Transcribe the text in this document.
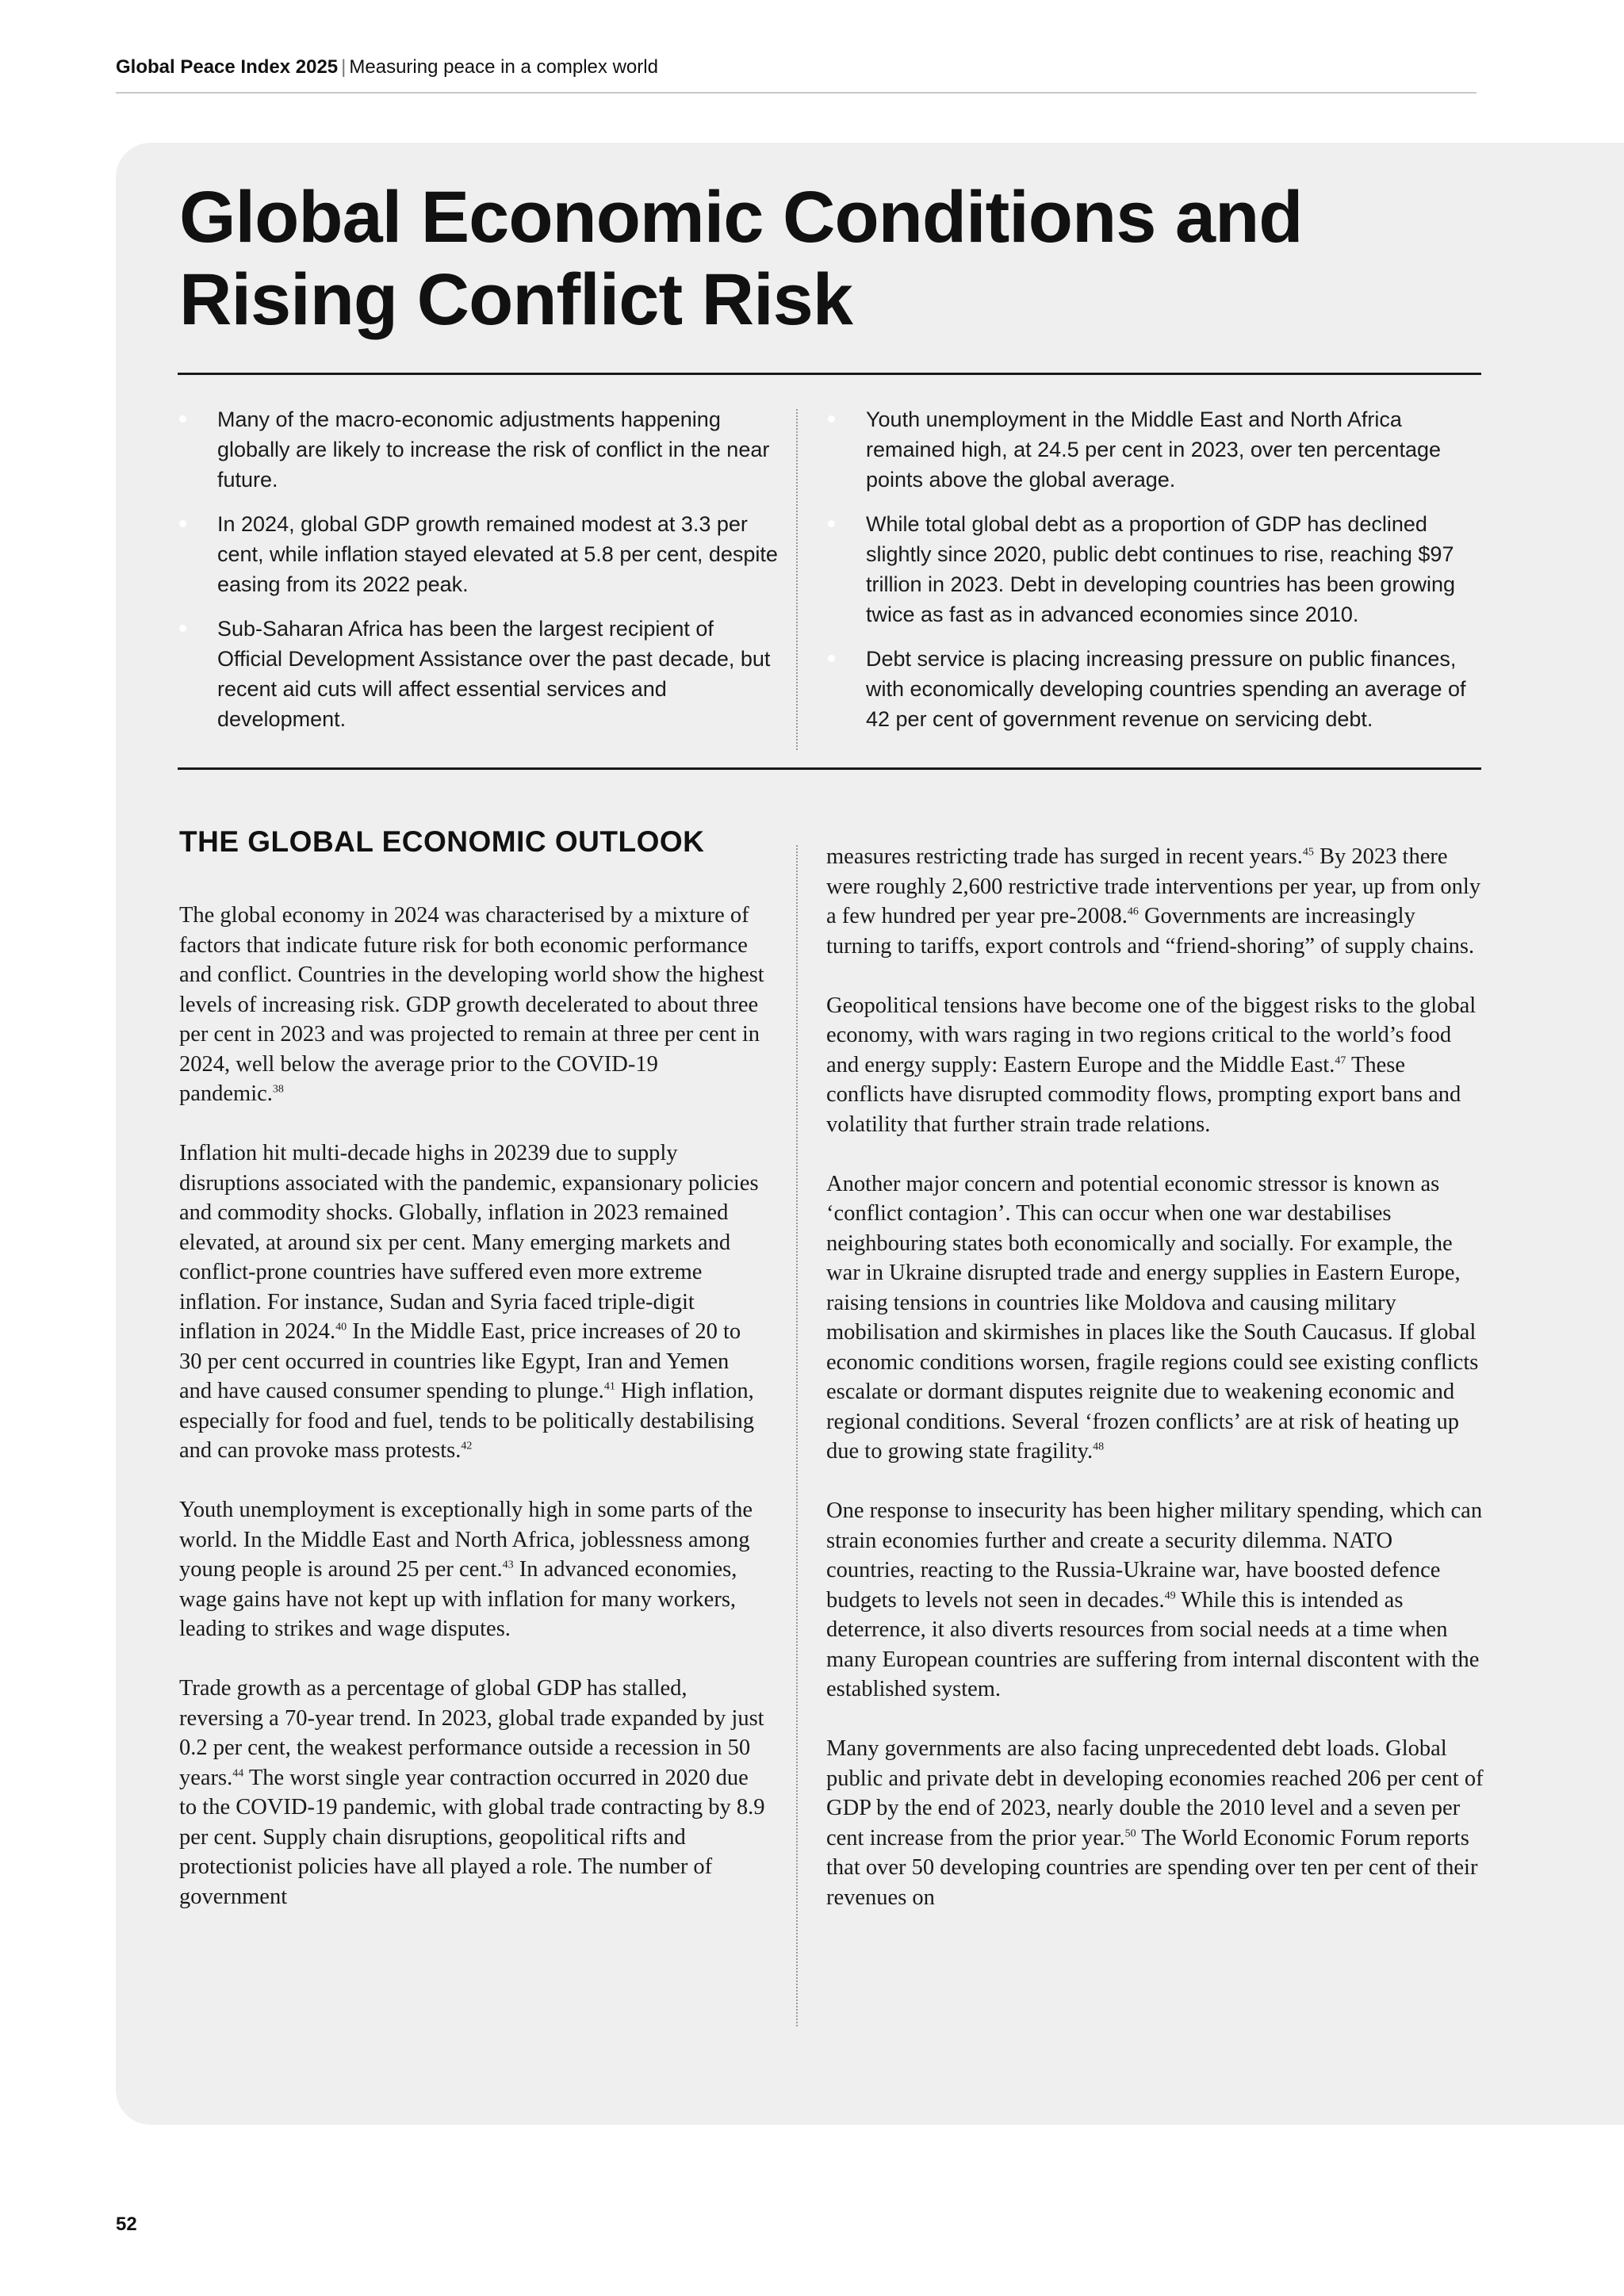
Global Peace Index 2025 | Measuring peace in a complex world
Global Economic Conditions and
Rising Conflict Risk
Many of the macro-economic adjustments happening globally are likely to increase the risk of conflict in the near future.
In 2024, global GDP growth remained modest at 3.3 per cent, while inflation stayed elevated at 5.8 per cent, despite easing from its 2022 peak.
Sub-Saharan Africa has been the largest recipient of Official Development Assistance over the past decade, but recent aid cuts will affect essential services and development.
Youth unemployment in the Middle East and North Africa remained high, at 24.5 per cent in 2023, over ten percentage points above the global average.
While total global debt as a proportion of GDP has declined slightly since 2020, public debt continues to rise, reaching $97 trillion in 2023. Debt in developing countries has been growing twice as fast as in advanced economies since 2010.
Debt service is placing increasing pressure on public finances, with economically developing countries spending an average of 42 per cent of government revenue on servicing debt.
THE GLOBAL ECONOMIC OUTLOOK

The global economy in 2024 was characterised by a mixture of factors that indicate future risk for both economic performance and conflict. Countries in the developing world show the highest levels of increasing risk. GDP growth decelerated to about three per cent in 2023 and was projected to remain at three per cent in 2024, well below the average prior to the COVID-19 pandemic.$^{38}$

Inflation hit multi-decade highs in 20239 due to supply disruptions associated with the pandemic, expansionary policies and commodity shocks. Globally, inflation in 2023 remained elevated, at around six per cent. Many emerging markets and conflict-prone countries have suffered even more extreme inflation. For instance, Sudan and Syria faced triple-digit inflation in 2024.40 In the Middle East, price increases of 20 to 30 per cent occurred in countries like Egypt, Iran and Yemen and have caused consumer spending to plunge.$^{41}$ High inflation, especially for food and fuel, tends to be politically destabilising and can provoke mass protests.$^{42}$

Youth unemployment is exceptionally high in some parts of the world. In the Middle East and North Africa, joblessness among young people is around 25 per cent.$^{43}$ In advanced economies, wage gains have not kept up with inflation for many workers, leading to strikes and wage disputes.

Trade growth as a percentage of global GDP has stalled, reversing a 70-year trend. In 2023, global trade expanded by just 0.2 per cent, the weakest performance outside a recession in 50 years.$^{44}$ The worst single year contraction occurred in 2020 due to the COVID-19 pandemic, with global trade contracting by 8.9 per cent. Supply chain disruptions, geopolitical rifts and protectionist policies have all played a role. The number of government

measures restricting trade has surged in recent years.$^{45}$ By 2023 there were roughly 2,600 restrictive trade interventions per year, up from only a few hundred per year pre-2008.46 Governments are increasingly turning to tariffs, export controls and “friend-shoring” of supply chains.

Geopolitical tensions have become one of the biggest risks to the global economy, with wars raging in two regions critical to the world’s food and energy supply: Eastern Europe and the Middle East.$^{47}$ These conflicts have disrupted commodity flows, prompting export bans and volatility that further strain trade relations.

Another major concern and potential economic stressor is known as ‘conflict contagion’. This can occur when one war destabilises neighbouring states both economically and socially. For example, the war in Ukraine disrupted trade and energy supplies in Eastern Europe, raising tensions in countries like Moldova and causing military mobilisation and skirmishes in places like the South Caucasus. If global economic conditions worsen, fragile regions could see existing conflicts escalate or dormant disputes reignite due to weakening economic and regional conditions. Several ‘frozen conflicts’ are at risk of heating up due to growing state fragility.$^{48}$

One response to insecurity has been higher military spending, which can strain economies further and create a security dilemma. NATO countries, reacting to the Russia-Ukraine war, have boosted defence budgets to levels not seen in decades.$^{49}$ While this is intended as deterrence, it also diverts resources from social needs at a time when many European countries are suffering from internal discontent with the established system.

Many governments are also facing unprecedented debt loads. Global public and private debt in developing economies reached 206 per cent of GDP by the end of 2023, nearly double the 2010 level and a seven per cent increase from the prior year.$^{50}$ The World Economic Forum reports that over 50 developing countries are spending over ten per cent of their revenues on

52
